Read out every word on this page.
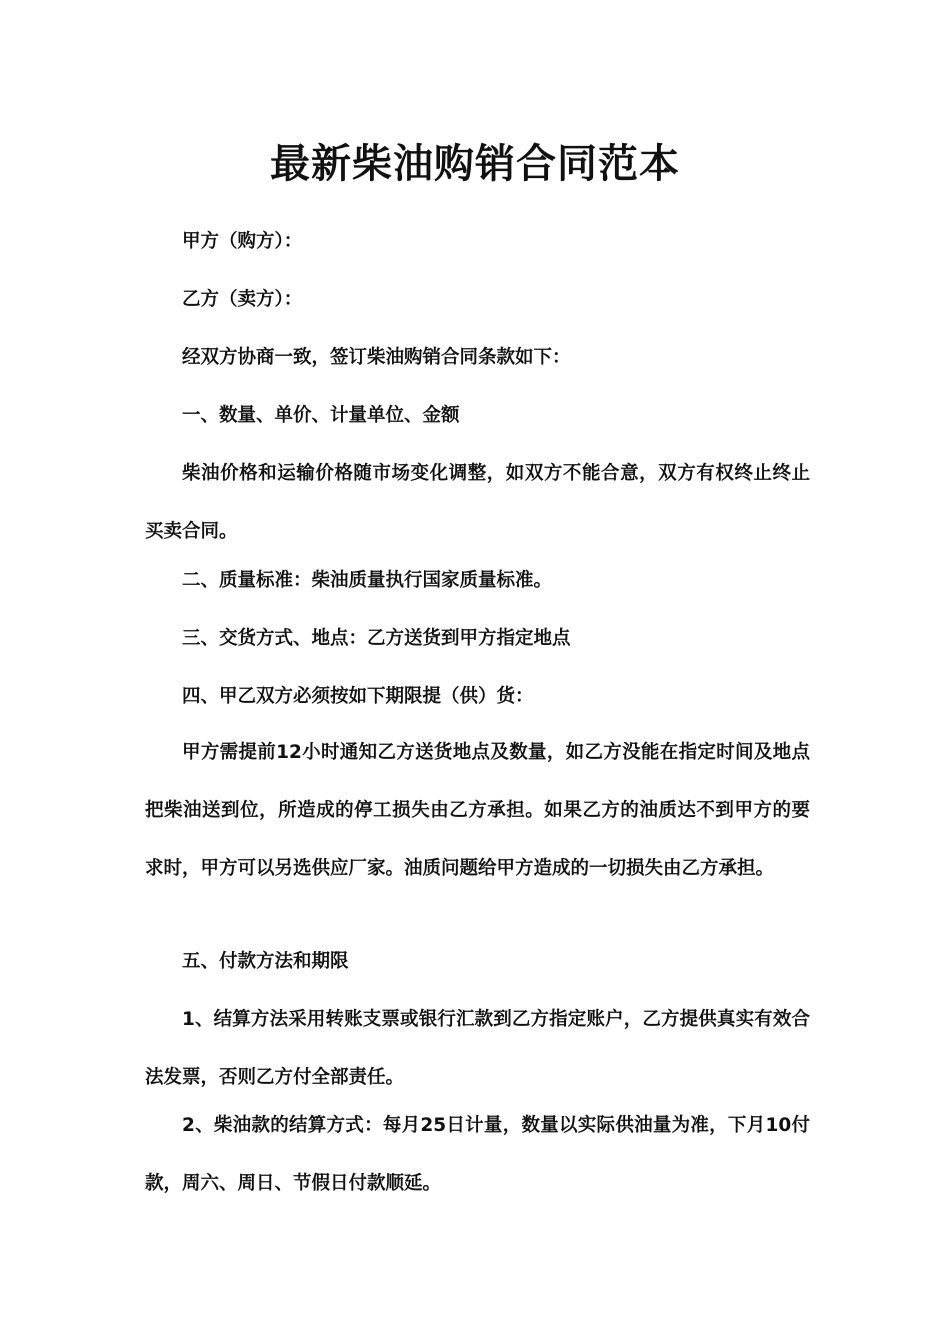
最新柴油购销合同范本

甲方（购方）：

乙方（卖方）：

经双方协商一致，签订柴油购销合同条款如下：

一、数量、单价、计量单位、金额

柴油价格和运输价格随市场变化调整，如双方不能合意，双方有权终止终止买卖合同。

二、质量标准：柴油质量执行国家质量标准。

三、交货方式、地点：乙方送货到甲方指定地点

四、甲乙双方必须按如下期限提（供）货：

甲方需提前12小时通知乙方送货地点及数量，如乙方没能在指定时间及地点把柴油送到位，所造成的停工损失由乙方承担。如果乙方的油质达不到甲方的要求时，甲方可以另选供应厂家。油质问题给甲方造成的一切损失由乙方承担。

五、付款方法和期限

1、结算方法采用转账支票或银行汇款到乙方指定账户，乙方提供真实有效合法发票，否则乙方付全部责任。

2、柴油款的结算方式：每月25日计量，数量以实际供油量为准，下月10付款，周六、周日、节假日付款顺延。
